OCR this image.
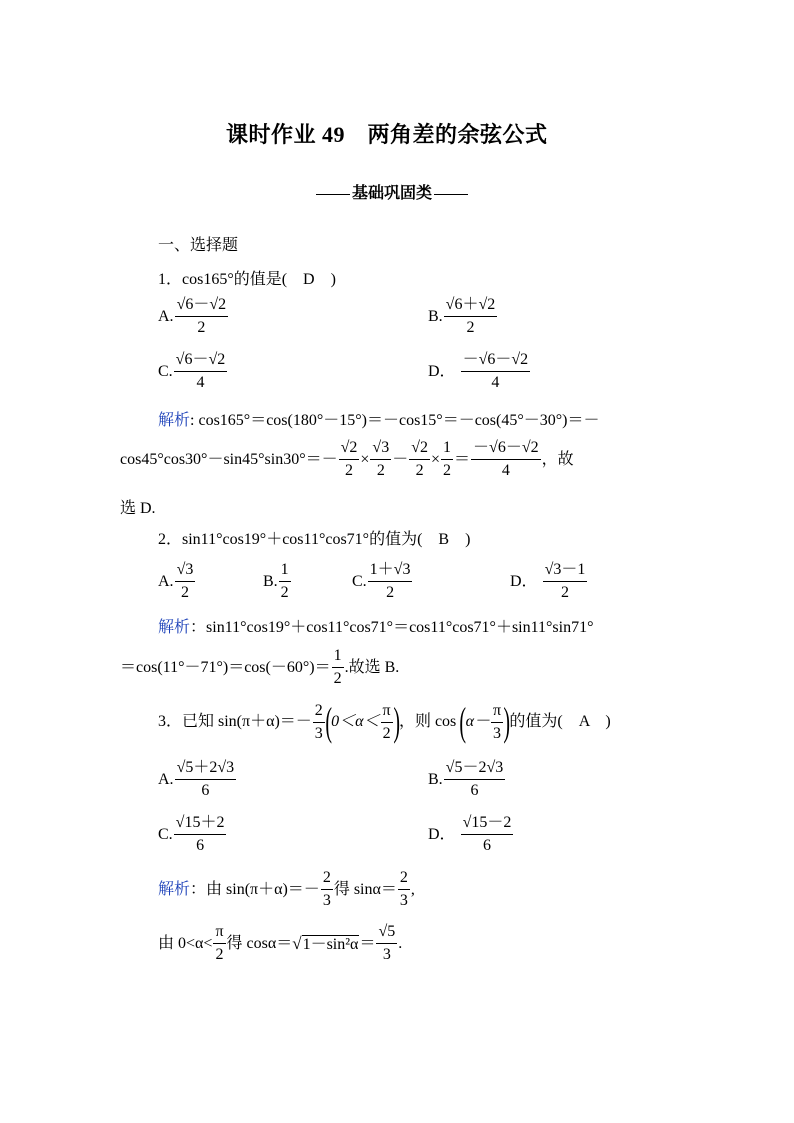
课时作业 49　两角差的余弦公式
基础巩固类
一、选择题
1．cos165°的值是(　D　)
A. $\frac{√6-√2}{2}$	B. $\frac{√6+√2}{2}$
C. $\frac{√6-√2}{4}$	D． $\frac{-√6-√2}{4}$
解析: cos165°＝cos(180°－15°)＝－cos15°＝－cos(45°－30°)＝－
$\cos 45^\circ\cos 30^\circ-\sin 45^\circ\sin 30^\circ=- \frac{√2}{2} \times \frac{√3}{2} - \frac{√2}{2} \times \frac{1}{2} = \frac{-√6-√2}{4}$ ，故
选 D.
2．sin11°cos19°＋cos11°cos71°的值为(　B　)
A. $\frac{√3}{2}$	B. $\frac{1}{2}$	C. $\frac{1+√3}{2}$	D． $\frac{√3-1}{2}$
解析：sin11°cos19°＋cos11°cos71°＝cos11°cos71°＋sin11°sin71°
$=\cos(11^\circ-71^\circ)=\cos(-60^\circ)= \frac{1}{2}$ .故选 B.
3．已知 $\sin(\pi+\alpha)=- \frac{2}{3} (0<\alpha< \frac{\pi}{2}$ )，则 $\cos (\alpha- \frac{\pi}{3}$ )的值为(　A　)
A. $\frac{√5+2√3}{6}$	B. $\frac{√5-2√3}{6}$
C. $\frac{√15+2}{6}$	D． $\frac{√15-2}{6}$
解析：由 $\sin(\pi+\alpha)=- \frac{2}{3}$ 得 $\sin\alpha= \frac{2}{3}$ ,
由 $0<\alpha< \frac{\pi}{2}$ 得 $\cos\alpha=√1-\sin^2\alpha= \frac{√5}{3}$ .
